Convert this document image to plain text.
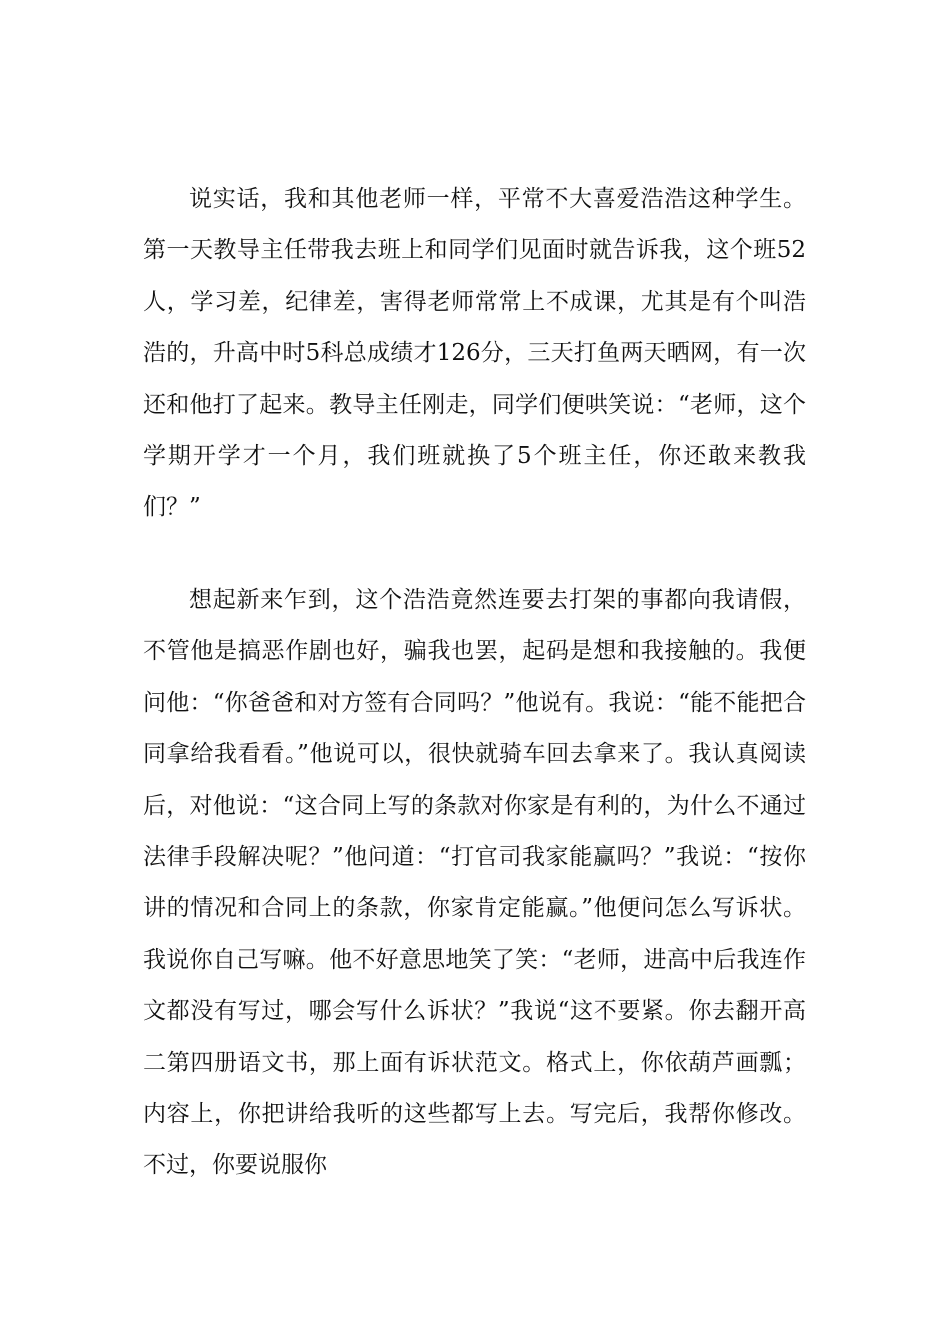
说实话，我和其他老师一样，平常不大喜爱浩浩这种学生。第一天教导主任带我去班上和同学们见面时就告诉我，这个班52人，学习差，纪律差，害得老师常常上不成课，尤其是有个叫浩浩的，升高中时5科总成绩才126分，三天打鱼两天晒网，有一次还和他打了起来。教导主任刚走，同学们便哄笑说：“老师，这个学期开学才一个月，我们班就换了5个班主任，你还敢来教我们？”

想起新来乍到，这个浩浩竟然连要去打架的事都向我请假，不管他是搞恶作剧也好，骗我也罢，起码是想和我接触的。我便问他：“你爸爸和对方签有合同吗？”他说有。我说：“能不能把合同拿给我看看。”他说可以，很快就骑车回去拿来了。我认真阅读后，对他说：“这合同上写的条款对你家是有利的，为什么不通过法律手段解决呢？”他问道：“打官司我家能赢吗？”我说：“按你讲的情况和合同上的条款，你家肯定能赢。”他便问怎么写诉状。我说你自己写嘛。他不好意思地笑了笑：“老师，进高中后我连作文都没有写过，哪会写什么诉状？”我说“这不要紧。你去翻开高二第四册语文书，那上面有诉状范文。格式上，你依葫芦画瓢；内容上，你把讲给我听的这些都写上去。写完后，我帮你修改。不过，你要说服你
